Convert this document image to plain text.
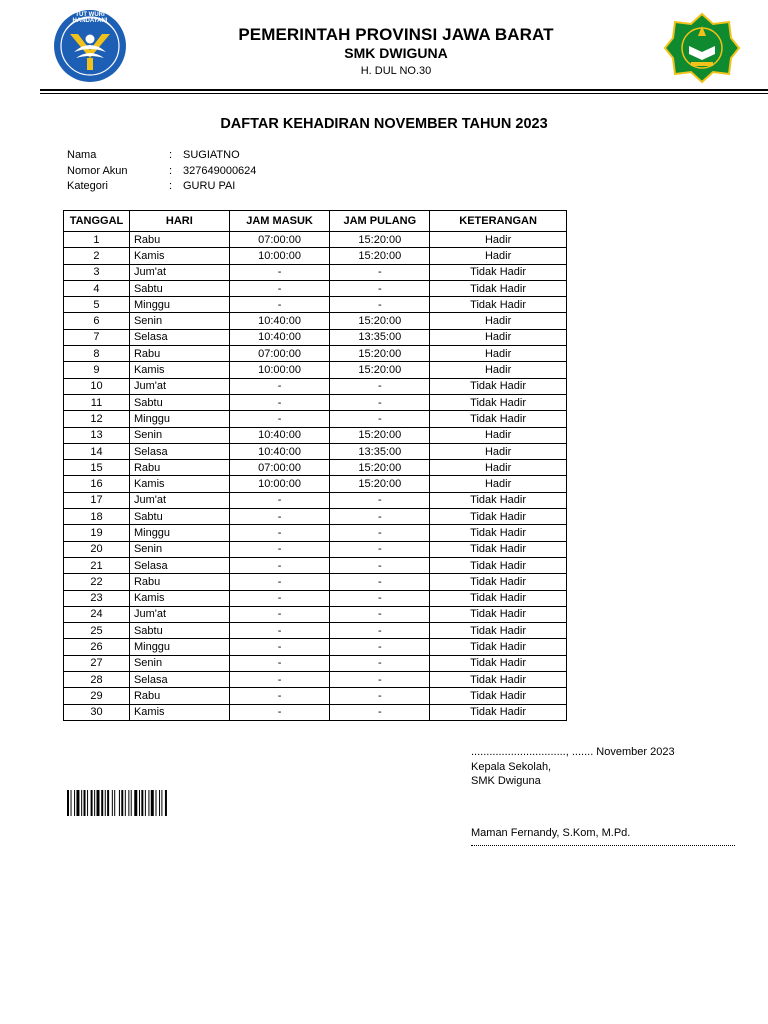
TUT WURI HANDAYANI
PEMERINTAH PROVINSI JAWA BARAT
SMK DWIGUNA
H. DUL NO.30
DAFTAR KEHADIRAN NOVEMBER TAHUN 2023
Nama	: SUGIATNO
Nomor Akun	: 327649000624
Kategori	: GURU PAI
TANGGAL	HARI	JAM MASUK	JAM PULANG	KETERANGAN
1	Rabu	07:00:00	15:20:00	Hadir
2	Kamis	10:00:00	15:20:00	Hadir
3	Jum'at	-	-	Tidak Hadir
4	Sabtu	-	-	Tidak Hadir
5	Minggu	-	-	Tidak Hadir
6	Senin	10:40:00	15:20:00	Hadir
7	Selasa	10:40:00	13:35:00	Hadir
8	Rabu	07:00:00	15:20:00	Hadir
9	Kamis	10:00:00	15:20:00	Hadir
10	Jum'at	-	-	Tidak Hadir
11	Sabtu	-	-	Tidak Hadir
12	Minggu	-	-	Tidak Hadir
13	Senin	10:40:00	15:20:00	Hadir
14	Selasa	10:40:00	13:35:00	Hadir
15	Rabu	07:00:00	15:20:00	Hadir
16	Kamis	10:00:00	15:20:00	Hadir
17	Jum'at	-	-	Tidak Hadir
18	Sabtu	-	-	Tidak Hadir
19	Minggu	-	-	Tidak Hadir
20	Senin	-	-	Tidak Hadir
21	Selasa	-	-	Tidak Hadir
22	Rabu	-	-	Tidak Hadir
23	Kamis	-	-	Tidak Hadir
24	Jum'at	-	-	Tidak Hadir
25	Sabtu	-	-	Tidak Hadir
26	Minggu	-	-	Tidak Hadir
27	Senin	-	-	Tidak Hadir
28	Selasa	-	-	Tidak Hadir
29	Rabu	-	-	Tidak Hadir
30	Kamis	-	-	Tidak Hadir
..............................., ....... November 2023
Kepala Sekolah,
SMK Dwiguna
Maman Fernandy, S.Kom, M.Pd.
